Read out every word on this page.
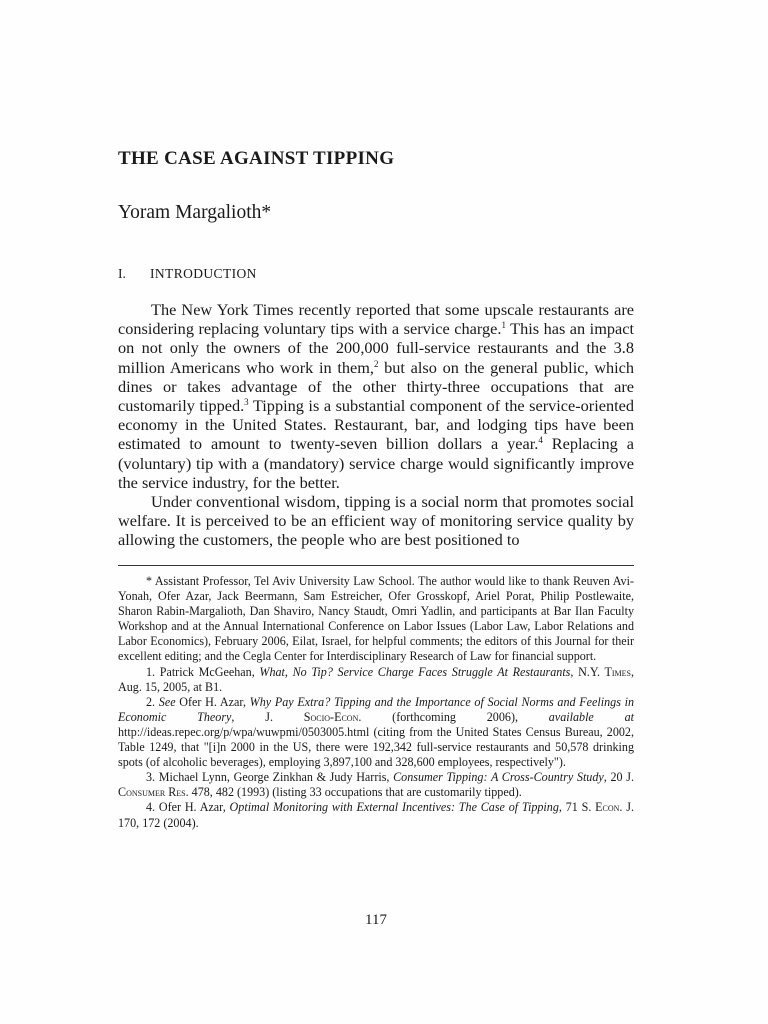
THE CASE AGAINST TIPPING
Yoram Margalioth*
I.	INTRODUCTION

The New York Times recently reported that some upscale restaurants are considering replacing voluntary tips with a service charge.$^1$ This has an impact on not only the owners of the 200,000 full-service restaurants and the 3.8 million Americans who work in them,$^2$ but also on the general public, which dines or takes advantage of the other thirty-three occupations that are customarily tipped.$^3$ Tipping is a substantial component of the service-oriented economy in the United States. Restaurant, bar, and lodging tips have been estimated to amount to twenty-seven billion dollars a year.$^4$ Replacing a (voluntary) tip with a (mandatory) service charge would significantly improve the service industry, for the better.

Under conventional wisdom, tipping is a social norm that promotes social welfare. It is perceived to be an efficient way of monitoring service quality by allowing the customers, the people who are best positioned to

* Assistant Professor, Tel Aviv University Law School. The author would like to thank Reuven Avi-Yonah, Ofer Azar, Jack Beermann, Sam Estreicher, Ofer Grosskopf, Ariel Porat, Philip Postlewaite, Sharon Rabin-Margalioth, Dan Shaviro, Nancy Staudt, Omri Yadlin, and participants at Bar Ilan Faculty Workshop and at the Annual International Conference on Labor Issues (Labor Law, Labor Relations and Labor Economics), February 2006, Eilat, Israel, for helpful comments; the editors of this Journal for their excellent editing; and the Cegla Center for Interdisciplinary Research of Law for financial support.

1. Patrick McGeehan, What, No Tip? Service Charge Faces Struggle At Restaurants, N.Y. Times, Aug. 15, 2005, at B1.

2. See Ofer H. Azar, Why Pay Extra? Tipping and the Importance of Social Norms and Feelings in Economic Theory, J. Socio-Econ. (forthcoming 2006), available at http://ideas.repec.org/p/wpa/wuwpmi/0503005.html (citing from the United States Census Bureau, 2002, Table 1249, that "[i]n 2000 in the US, there were 192,342 full-service restaurants and 50,578 drinking spots (of alcoholic beverages), employing 3,897,100 and 328,600 employees, respectively").

3. Michael Lynn, George Zinkhan & Judy Harris, Consumer Tipping: A Cross-Country Study, 20 J. Consumer Res. 478, 482 (1993) (listing 33 occupations that are customarily tipped).

4. Ofer H. Azar, Optimal Monitoring with External Incentives: The Case of Tipping, 71 S. Econ. J. 170, 172 (2004).

117
